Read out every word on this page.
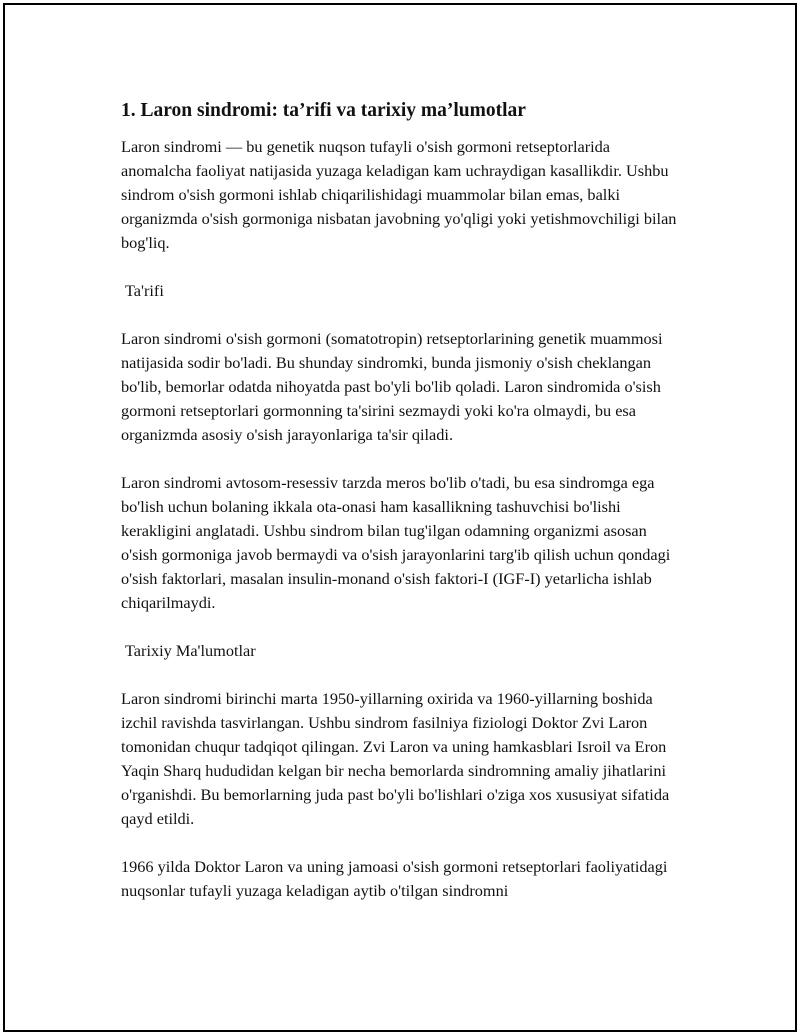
1. Laron sindromi: ta’rifi va tarixiy ma’lumotlar

Laron sindromi — bu genetik nuqson tufayli o'sish gormoni retseptorlarida anomalcha faoliyat natijasida yuzaga keladigan kam uchraydigan kasallikdir. Ushbu sindrom o'sish gormoni ishlab chiqarilishidagi muammolar bilan emas, balki organizmda o'sish gormoniga nisbatan javobning yo'qligi yoki yetishmovchiligi bilan bog'liq.

Ta'rifi

Laron sindromi o'sish gormoni (somatotropin) retseptorlarining genetik muammosi natijasida sodir bo'ladi. Bu shunday sindromki, bunda jismoniy o'sish cheklangan bo'lib, bemorlar odatda nihoyatda past bo'yli bo'lib qoladi. Laron sindromida o'sish gormoni retseptorlari gormonning ta'sirini sezmaydi yoki ko'ra olmaydi, bu esa organizmda asosiy o'sish jarayonlariga ta'sir qiladi.

Laron sindromi avtosom-resessiv tarzda meros bo'lib o'tadi, bu esa sindromga ega bo'lish uchun bolaning ikkala ota-onasi ham kasallikning tashuvchisi bo'lishi kerakligini anglatadi. Ushbu sindrom bilan tug'ilgan odamning organizmi asosan o'sish gormoniga javob bermaydi va o'sish jarayonlarini targ'ib qilish uchun qondagi o'sish faktorlari, masalan insulin-monand o'sish faktori-I (IGF-I) yetarlicha ishlab chiqarilmaydi.

Tarixiy Ma'lumotlar

Laron sindromi birinchi marta 1950-yillarning oxirida va 1960-yillarning boshida izchil ravishda tasvirlangan. Ushbu sindrom fasilniya fiziologi Doktor Zvi Laron tomonidan chuqur tadqiqot qilingan. Zvi Laron va uning hamkasblari Isroil va Eron Yaqin Sharq hududidan kelgan bir necha bemorlarda sindromning amaliy jihatlarini o'rganishdi. Bu bemorlarning juda past bo'yli bo'lishlari o'ziga xos xususiyat sifatida qayd etildi.

1966 yilda Doktor Laron va uning jamoasi o'sish gormoni retseptorlari faoliyatidagi nuqsonlar tufayli yuzaga keladigan aytib o'tilgan sindromni
